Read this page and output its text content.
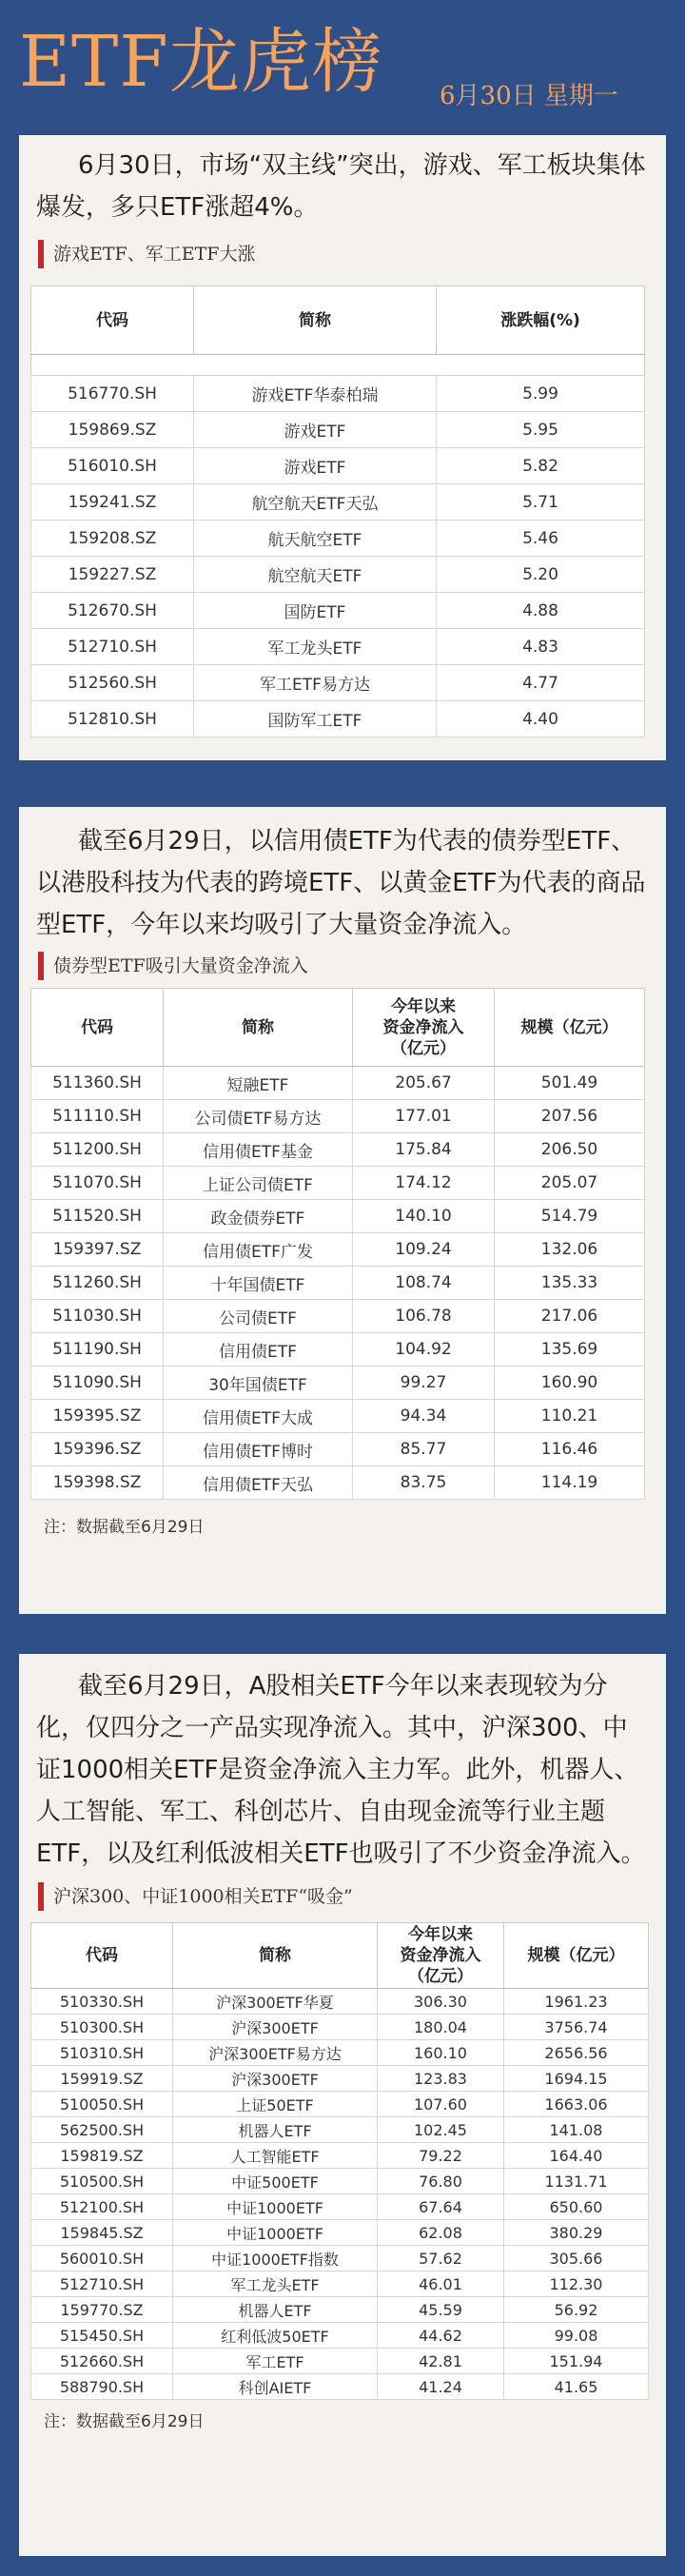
ETF龙虎榜 6月30日 星期一

6月30日，市场“双主线”突出，游戏、军工板块集体爆发，多只ETF涨超4%。

游戏ETF、军工ETF大涨
代码	简称	涨跌幅(%)

516770.SH	游戏ETF华泰柏瑞	5.99
159869.SZ	游戏ETF	5.95
516010.SH	游戏ETF	5.82
159241.SZ	航空航天ETF天弘	5.71
159208.SZ	航天航空ETF	5.46
159227.SZ	航空航天ETF	5.20
512670.SH	国防ETF	4.88
512710.SH	军工龙头ETF	4.83
512560.SH	军工ETF易方达	4.77
512810.SH	国防军工ETF	4.40

截至6月29日，以信用债ETF为代表的债券型ETF、以港股科技为代表的跨境ETF、以黄金ETF为代表的商品型ETF，今年以来均吸引了大量资金净流入。

债券型ETF吸引大量资金净流入
代码	简称	今年以来
资金净流入
（亿元）	规模（亿元）
511360.SH	短融ETF	205.67	501.49
511110.SH	公司债ETF易方达	177.01	207.56
511200.SH	信用债ETF基金	175.84	206.50
511070.SH	上证公司债ETF	174.12	205.07
511520.SH	政金债券ETF	140.10	514.79
159397.SZ	信用债ETF广发	109.24	132.06
511260.SH	十年国债ETF	108.74	135.33
511030.SH	公司债ETF	106.78	217.06
511190.SH	信用债ETF	104.92	135.69
511090.SH	30年国债ETF	99.27	160.90
159395.SZ	信用债ETF大成	94.34	110.21
159396.SZ	信用债ETF博时	85.77	116.46
159398.SZ	信用债ETF天弘	83.75	114.19
注：数据截至6月29日

截至6月29日，A股相关ETF今年以来表现较为分化，仅四分之一产品实现净流入。其中，沪深300、中证1000相关ETF是资金净流入主力军。此外，机器人、人工智能、军工、科创芯片、自由现金流等行业主题ETF，以及红利低波相关ETF也吸引了不少资金净流入。

沪深300、中证1000相关ETF“吸金”
代码	简称	今年以来
资金净流入
（亿元）	规模（亿元）
510330.SH	沪深300ETF华夏	306.30	1961.23
510300.SH	沪深300ETF	180.04	3756.74
510310.SH	沪深300ETF易方达	160.10	2656.56
159919.SZ	沪深300ETF	123.83	1694.15
510050.SH	上证50ETF	107.60	1663.06
562500.SH	机器人ETF	102.45	141.08
159819.SZ	人工智能ETF	79.22	164.40
510500.SH	中证500ETF	76.80	1131.71
512100.SH	中证1000ETF	67.64	650.60
159845.SZ	中证1000ETF	62.08	380.29
560010.SH	中证1000ETF指数	57.62	305.66
512710.SH	军工龙头ETF	46.01	112.30
159770.SZ	机器人ETF	45.59	56.92
515450.SH	红利低波50ETF	44.62	99.08
512660.SH	军工ETF	42.81	151.94
588790.SH	科创AIETF	41.24	41.65
注：数据截至6月29日
